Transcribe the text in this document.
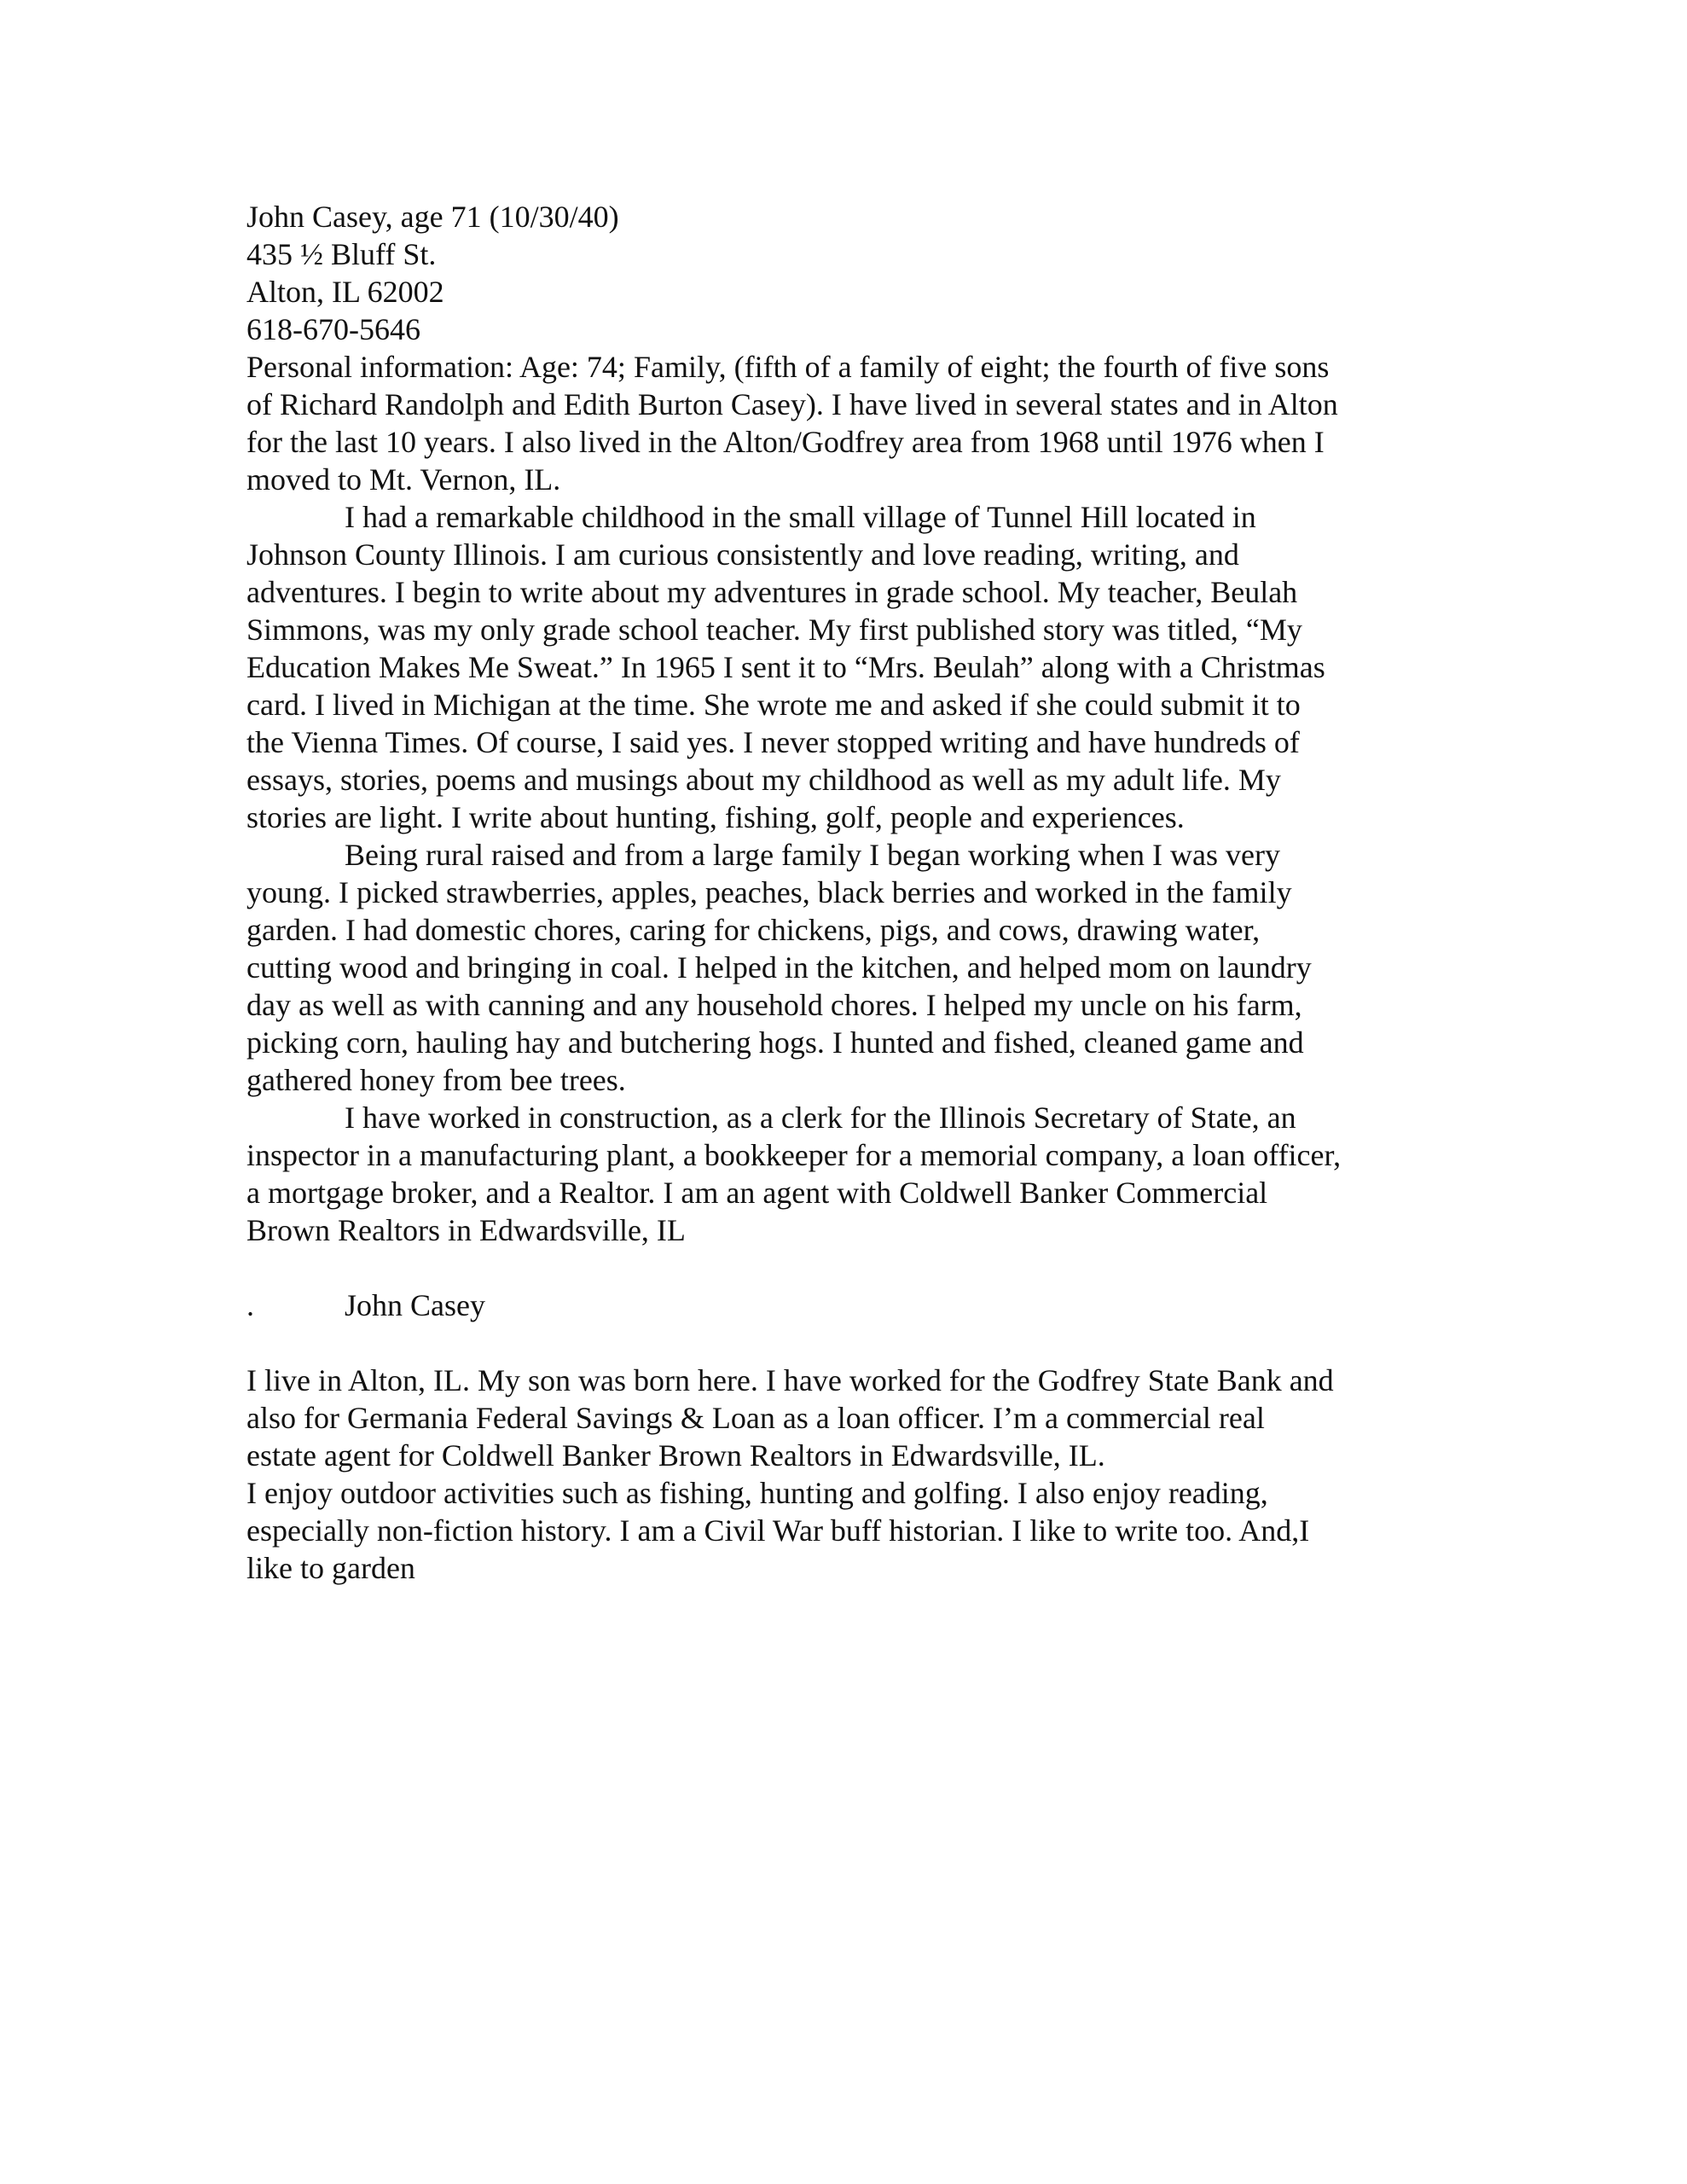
John Casey, age 71 (10/30/40)
435 ½ Bluff St.
Alton, IL 62002
618-670-5646
Personal information: Age: 74; Family, (fifth of a family of eight; the fourth of five sons
of Richard Randolph and Edith Burton Casey). I have lived in several states and in Alton
for the last 10 years. I also lived in the Alton/Godfrey area from 1968 until 1976 when I
moved to Mt. Vernon, IL.
I had a remarkable childhood in the small village of Tunnel Hill located in
Johnson County Illinois. I am curious consistently and love reading, writing, and
adventures. I begin to write about my adventures in grade school. My teacher, Beulah
Simmons, was my only grade school teacher. My first published story was titled, “My
Education Makes Me Sweat.” In 1965 I sent it to “Mrs. Beulah” along with a Christmas
card. I lived in Michigan at the time. She wrote me and asked if she could submit it to
the Vienna Times. Of course, I said yes. I never stopped writing and have hundreds of
essays, stories, poems and musings about my childhood as well as my adult life. My
stories are light. I write about hunting, fishing, golf, people and experiences.
Being rural raised and from a large family I began working when I was very
young. I picked strawberries, apples, peaches, black berries and worked in the family
garden. I had domestic chores, caring for chickens, pigs, and cows, drawing water,
cutting wood and bringing in coal. I helped in the kitchen, and helped mom on laundry
day as well as with canning and any household chores. I helped my uncle on his farm,
picking corn, hauling hay and butchering hogs. I hunted and fished, cleaned game and
gathered honey from bee trees.
I have worked in construction, as a clerk for the Illinois Secretary of State, an
inspector in a manufacturing plant, a bookkeeper for a memorial company, a loan officer,
a mortgage broker, and a Realtor. I am an agent with Coldwell Banker Commercial
Brown Realtors in Edwardsville, IL
.	John Casey
I live in Alton, IL. My son was born here. I have worked for the Godfrey State Bank and
also for Germania Federal Savings & Loan as a loan officer. I’m a commercial real
estate agent for Coldwell Banker Brown Realtors in Edwardsville, IL.
I enjoy outdoor activities such as fishing, hunting and golfing. I also enjoy reading,
especially non-fiction history. I am a Civil War buff historian. I like to write too. And,I
like to garden
